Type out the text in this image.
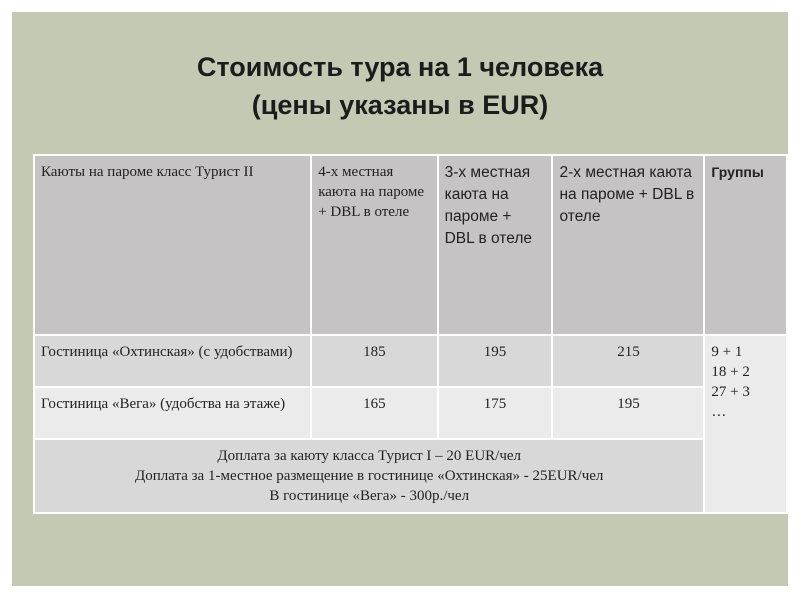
Стоимость тура на 1 человека
(цены указаны в EUR)
Каюты на пароме класс Турист II	4-х местная каюта на пароме + DBL в отеле	3-х местная каюта на пароме + DBL в отеле	2-х местная каюта на пароме + DBL в отеле	Группы
Гостиница «Охтинская» (с удобствами)	185	195	215	9 + 1
18 + 2
27 + 3
…

Гостиница «Вега» (удобства на этаже)	165	175	195	

Доплата за каюту класса Турист I – 20 EUR/чел
Доплата за 1-местное размещение в гостинице «Охтинская» - 25EUR/чел
В гостинице «Вега» - 300р./чел				
